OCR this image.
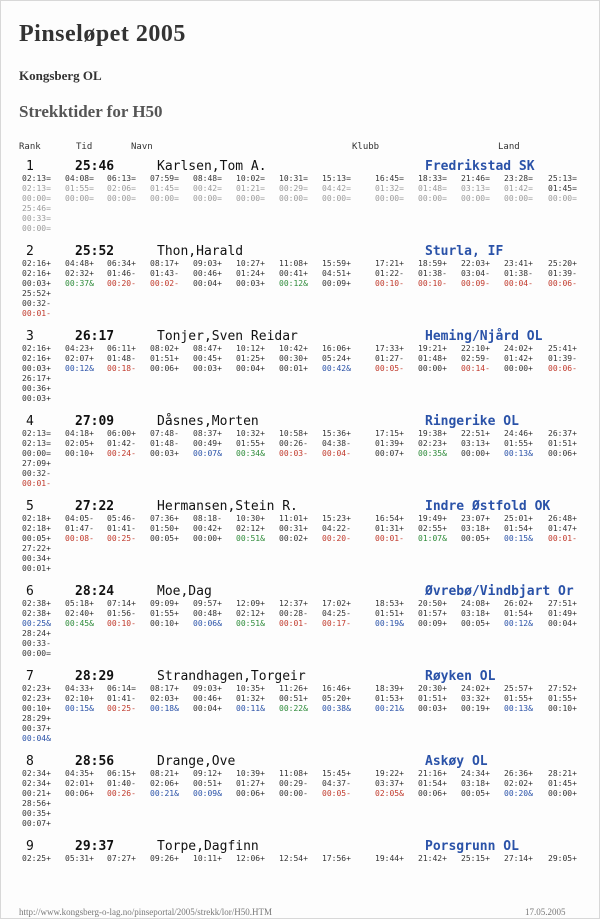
Pinseløpet 2005
Kongsberg OL
Strekktider for H50
Rank	Tid	Navn	Klubb	Land
1	25:46	Karlsen,Tom A.	Fredrikstad SK
02:13= 04:08= 06:13= 07:59= 08:48= 10:02= 10:31= 15:13=	16:45= 18:33= 21:46= 23:28= 25:13=
02:13= 01:55= 02:06= 01:45= 00:42= 01:21= 00:29= 04:42=	01:32= 01:48= 03:13= 01:42= 01:45=
00:00= 00:00= 00:00= 00:00= 00:00= 00:00= 00:00= 00:00=	00:00= 00:00= 00:00= 00:00= 00:00=
25:46=
00:33=
00:00=
2	25:52	Thon,Harald	Sturla, IF
02:16+ 04:48+ 06:34+ 08:17+ 09:03+ 10:27+ 11:08+ 15:59+	17:21+ 18:59+ 22:03+ 23:41+ 25:20+
02:16+ 02:32+ 01:46- 01:43- 00:46+ 01:24+ 00:41+ 04:51+	01:22- 01:38- 03:04- 01:38- 01:39-
00:03+ 00:37& 00:20- 00:02- 00:04+ 00:03+ 00:12& 00:09+	00:10- 00:10- 00:09- 00:04- 00:06-
25:52+
00:32-
00:01-
3	26:17	Tonjer,Sven Reidar	Heming/Njård OL
02:16+ 04:23+ 06:11+ 08:02+ 08:47+ 10:12+ 10:42+ 16:06+	17:33+ 19:21+ 22:10+ 24:02+ 25:41+
02:16+ 02:07+ 01:48- 01:51+ 00:45+ 01:25+ 00:30+ 05:24+	01:27- 01:48+ 02:59- 01:42+ 01:39-
00:03+ 00:12& 00:18- 00:06+ 00:03+ 00:04+ 00:01+ 00:42&	00:05- 00:00+ 00:14- 00:00+ 00:06-
26:17+
00:36+
00:03+
4	27:09	Dåsnes,Morten	Ringerike OL
02:13= 04:18+ 06:00+ 07:48- 08:37+ 10:32+ 10:58+ 15:36+	17:15+ 19:38+ 22:51+ 24:46+ 26:37+
02:13= 02:05+ 01:42- 01:48- 00:49+ 01:55+ 00:26- 04:38-	01:39+ 02:23+ 03:13+ 01:55+ 01:51+
00:00= 00:10+ 00:24- 00:03+ 00:07& 00:34& 00:03- 00:04-	00:07+ 00:35& 00:00+ 00:13& 00:06+
27:09+
00:32-
00:01-
5	27:22	Hermansen,Stein R.	Indre Østfold OK
02:18+ 04:05- 05:46- 07:36+ 08:18- 10:30+ 11:01+ 15:23+	16:54+ 19:49+ 23:07+ 25:01+ 26:48+
02:18+ 01:47- 01:41- 01:50+ 00:42+ 02:12+ 00:31+ 04:22-	01:31+ 02:55+ 03:18+ 01:54+ 01:47+
00:05+ 00:08- 00:25- 00:05+ 00:00+ 00:51& 00:02+ 00:20-	00:01- 01:07& 00:05+ 00:15& 00:01-
27:22+
00:34+
00:01+
6	28:24	Moe,Dag	Øvrebø/Vindbjart Or
02:38+ 05:18+ 07:14+ 09:09+ 09:57+ 12:09+ 12:37+ 17:02+	18:53+ 20:50+ 24:08+ 26:02+ 27:51+
02:38+ 02:40+ 01:56- 01:55+ 00:48+ 02:12+ 00:28- 04:25-	01:51+ 01:57+ 03:18+ 01:54+ 01:49+
00:25& 00:45& 00:10- 00:10+ 00:06& 00:51& 00:01- 00:17-	00:19& 00:09+ 00:05+ 00:12& 00:04+
28:24+
00:33-
00:00=
7	28:29	Strandhagen,Torgeir	Røyken OL
02:23+ 04:33+ 06:14= 08:17+ 09:03+ 10:35+ 11:26+ 16:46+	18:39+ 20:30+ 24:02+ 25:57+ 27:52+
02:23+ 02:10+ 01:41- 02:03+ 00:46+ 01:32+ 00:51+ 05:20+	01:53+ 01:51+ 03:32+ 01:55+ 01:55+
00:10+ 00:15& 00:25- 00:18& 00:04+ 00:11& 00:22& 00:38&	00:21& 00:03+ 00:19+ 00:13& 00:10+
28:29+
00:37+
00:04&
8	28:56	Drange,Ove	Askøy OL
02:34+ 04:35+ 06:15+ 08:21+ 09:12+ 10:39+ 11:08+ 15:45+	19:22+ 21:16+ 24:34+ 26:36+ 28:21+
02:34+ 02:01+ 01:40- 02:06+ 00:51+ 01:27+ 00:29- 04:37-	03:37+ 01:54+ 03:18+ 02:02+ 01:45+
00:21+ 00:06+ 00:26- 00:21& 00:09& 00:06+ 00:00- 00:05-	02:05& 00:06+ 00:05+ 00:20& 00:00+
28:56+
00:35+
00:07+
9	29:37	Torpe,Dagfinn	Porsgrunn OL
02:25+ 05:31+ 07:27+ 09:26+ 10:11+ 12:06+ 12:54+ 17:56+	19:44+ 21:42+ 25:15+ 27:14+ 29:05+
http://www.kongsberg-o-lag.no/pinseportal/2005/strekk/lor/H50.HTM	17.05.2005
